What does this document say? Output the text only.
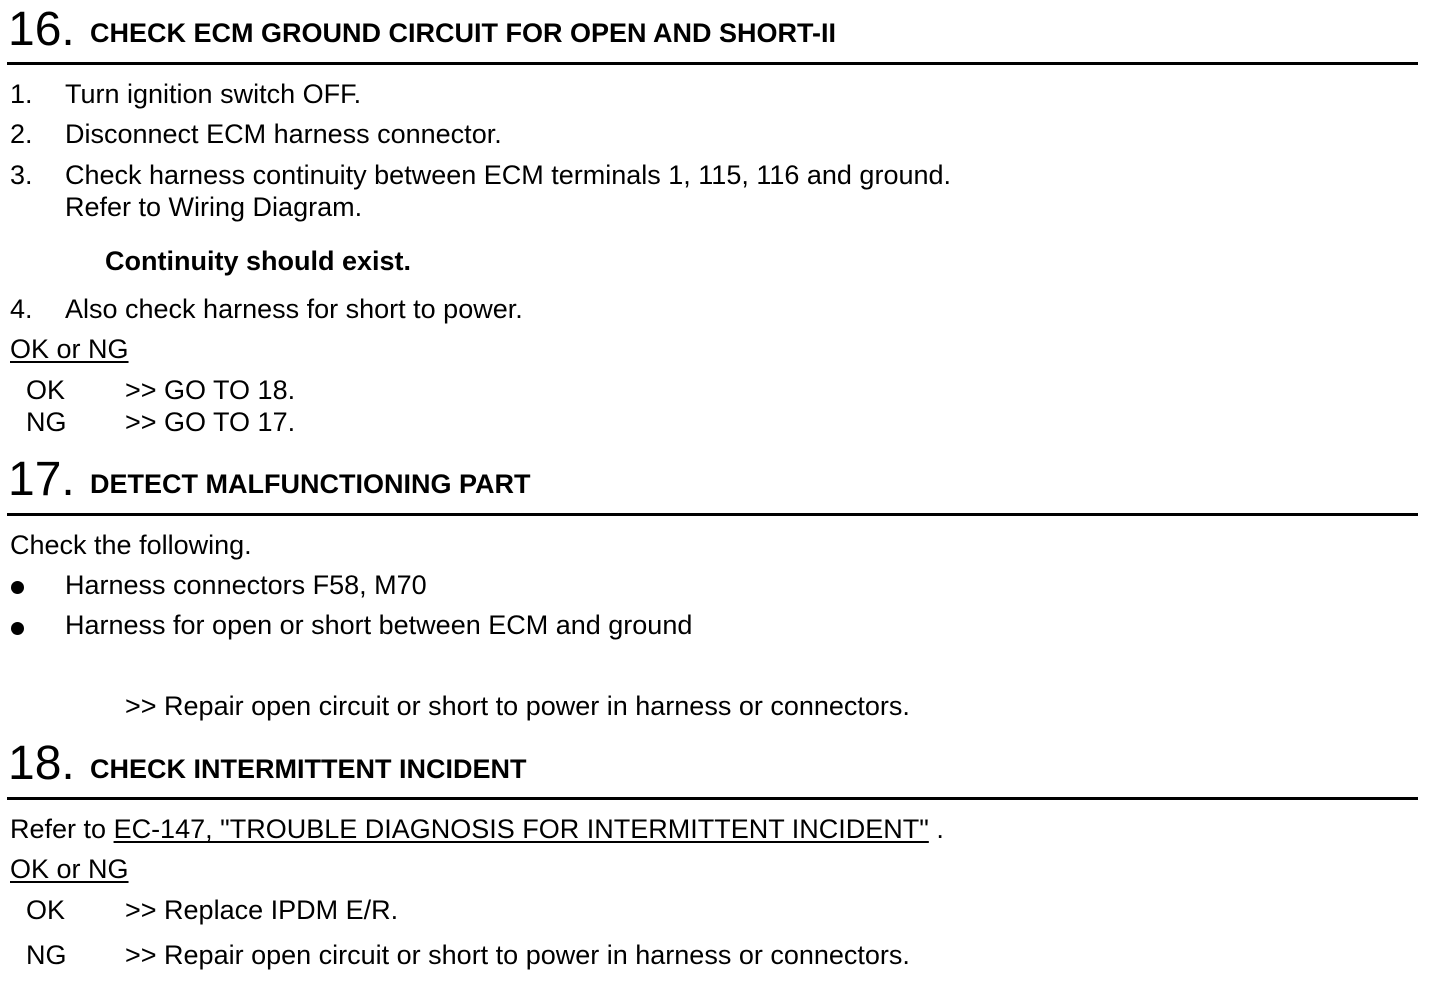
16. CHECK ECM GROUND CIRCUIT FOR OPEN AND SHORT-II
1. Turn ignition switch OFF.
2. Disconnect ECM harness connector.
3. Check harness continuity between ECM terminals 1, 115, 116 and ground.
Refer to Wiring Diagram.
Continuity should exist.
4. Also check harness for short to power.
OK or NG
OK >> GO TO 18.
NG >> GO TO 17.
17. DETECT MALFUNCTIONING PART
Check the following.
Harness connectors F58, M70
Harness for open or short between ECM and ground
>> Repair open circuit or short to power in harness or connectors.
18. CHECK INTERMITTENT INCIDENT
Refer to EC-147, "TROUBLE DIAGNOSIS FOR INTERMITTENT INCIDENT" .
OK or NG
OK >> Replace IPDM E/R.
NG >> Repair open circuit or short to power in harness or connectors.
